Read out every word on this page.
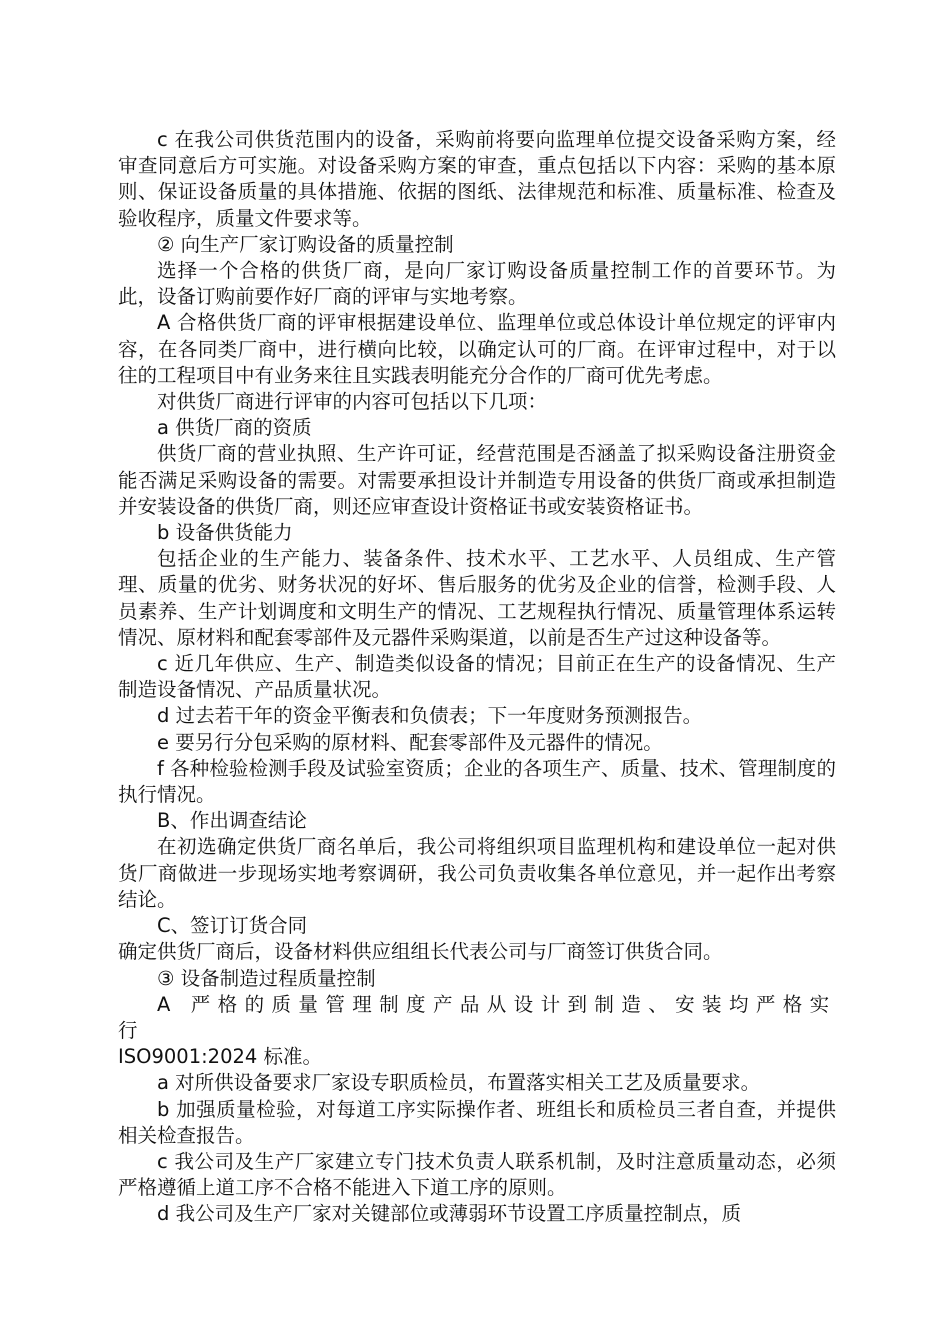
c 在我公司供货范围内的设备，采购前将要向监理单位提交设备采购方案，经审查同意后方可实施。对设备采购方案的审查，重点包括以下内容：采购的基本原则、保证设备质量的具体措施、依据的图纸、法律规范和标准、质量标准、检查及验收程序，质量文件要求等。

② 向生产厂家订购设备的质量控制

选择一个合格的供货厂商，是向厂家订购设备质量控制工作的首要环节。为此，设备订购前要作好厂商的评审与实地考察。

A 合格供货厂商的评审根据建设单位、监理单位或总体设计单位规定的评审内容，在各同类厂商中，进行横向比较，以确定认可的厂商。在评审过程中，对于以往的工程项目中有业务来往且实践表明能充分合作的厂商可优先考虑。

对供货厂商进行评审的内容可包括以下几项：

a 供货厂商的资质

供货厂商的营业执照、生产许可证，经营范围是否涵盖了拟采购设备注册资金能否满足采购设备的需要。对需要承担设计并制造专用设备的供货厂商或承担制造并安装设备的供货厂商，则还应审查设计资格证书或安装资格证书。

b 设备供货能力

包括企业的生产能力、装备条件、技术水平、工艺水平、人员组成、生产管理、质量的优劣、财务状况的好坏、售后服务的优劣及企业的信誉，检测手段、人员素养、生产计划调度和文明生产的情况、工艺规程执行情况、质量管理体系运转情况、原材料和配套零部件及元器件采购渠道，以前是否生产过这种设备等。

c 近几年供应、生产、制造类似设备的情况；目前正在生产的设备情况、生产制造设备情况、产品质量状况。

d 过去若干年的资金平衡表和负债表；下一年度财务预测报告。

e 要另行分包采购的原材料、配套零部件及元器件的情况。

f 各种检验检测手段及试验室资质；企业的各项生产、质量、技术、管理制度的执行情况。

B、作出调查结论

在初选确定供货厂商名单后，我公司将组织项目监理机构和建设单位一起对供货厂商做进一步现场实地考察调研，我公司负责收集各单位意见，并一起作出考察结论。

C、签订订货合同

确定供货厂商后，设备材料供应组组长代表公司与厂商签订供货合同。

③ 设备制造过程质量控制

A 严格的质量管理制度产品从设计到制造、安装均严格实行

ISO9001:2024 标准。

a 对所供设备要求厂家设专职质检员，布置落实相关工艺及质量要求。

b 加强质量检验，对每道工序实际操作者、班组长和质检员三者自查，并提供相关检查报告。

c 我公司及生产厂家建立专门技术负责人联系机制，及时注意质量动态，必须严格遵循上道工序不合格不能进入下道工序的原则。

d 我公司及生产厂家对关键部位或薄弱环节设置工序质量控制点，质
